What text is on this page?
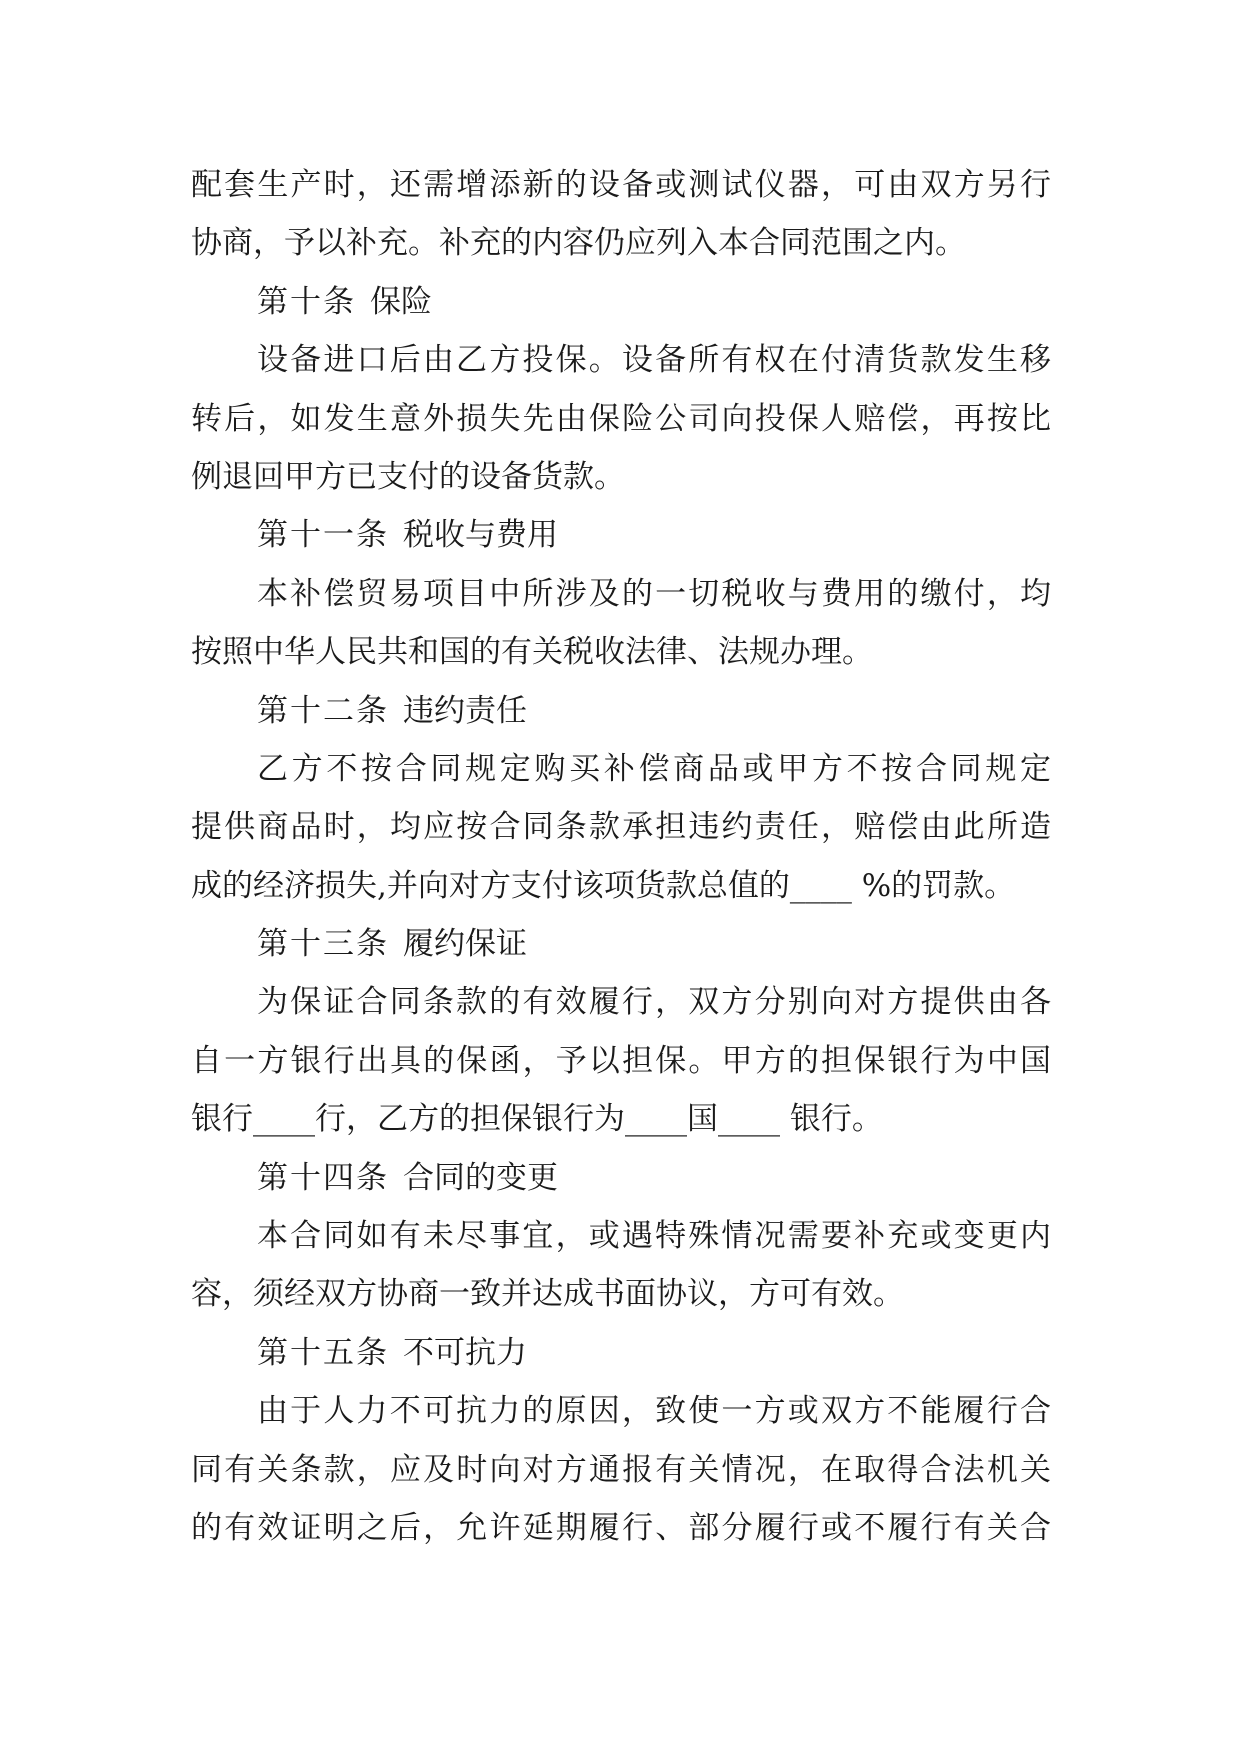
配套生产时，还需增添新的设备或测试仪器，可由双方另行
协商，予以补充。补充的内容仍应列入本合同范围之内。
第十条 保险
设备进口后由乙方投保。设备所有权在付清货款发生移
转后，如发生意外损失先由保险公司向投保人赔偿，再按比
例退回甲方已支付的设备货款。
第十一条 税收与费用
本补偿贸易项目中所涉及的一切税收与费用的缴付，均
按照中华人民共和国的有关税收法律、法规办理。
第十二条 违约责任
乙方不按合同规定购买补偿商品或甲方不按合同规定
提供商品时，均应按合同条款承担违约责任，赔偿由此所造
成的经济损失,并向对方支付该项货款总值的____ %的罚款。
第十三条 履约保证
为保证合同条款的有效履行，双方分别向对方提供由各
自一方银行出具的保函，予以担保。甲方的担保银行为中国
银行____行，乙方的担保银行为____国____ 银行。
第十四条 合同的变更
本合同如有未尽事宜，或遇特殊情况需要补充或变更内
容，须经双方协商一致并达成书面协议，方可有效。
第十五条 不可抗力
由于人力不可抗力的原因，致使一方或双方不能履行合
同有关条款，应及时向对方通报有关情况，在取得合法机关
的有效证明之后，允许延期履行、部分履行或不履行有关合
